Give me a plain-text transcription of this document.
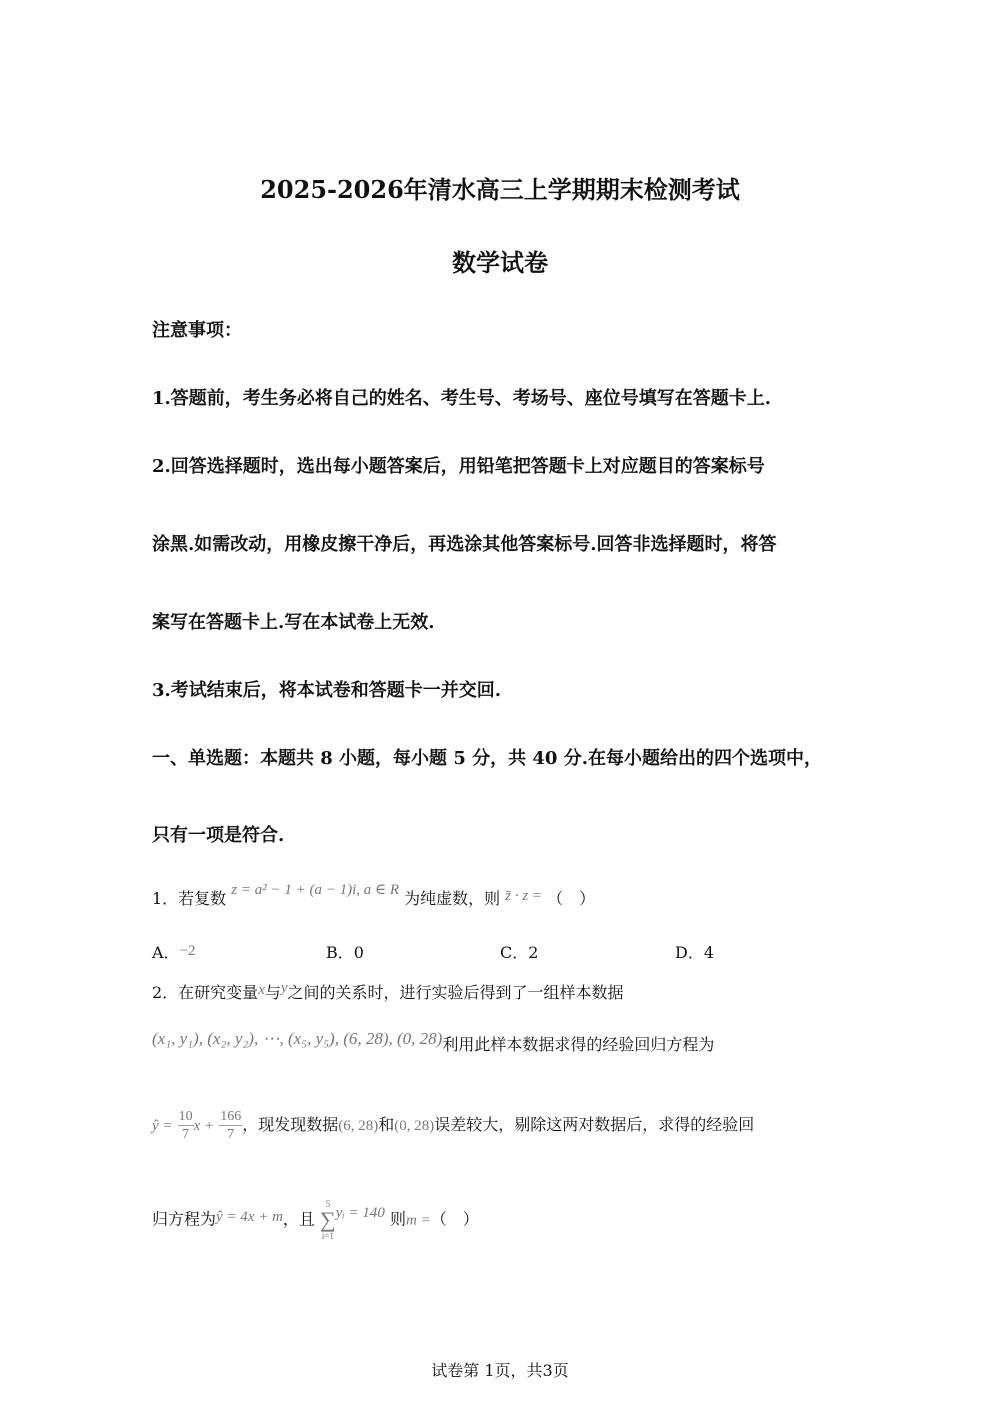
2025-2026年清水高三上学期期末检测考试
数学试卷
注意事项：
1.答题前，考生务必将自己的姓名、考生号、考场号、座位号填写在答题卡上.
2.回答选择题时，选出每小题答案后，用铅笔把答题卡上对应题目的答案标号
涂黑.如需改动，用橡皮擦干净后，再选涂其他答案标号.回答非选择题时，将答
案写在答题卡上.写在本试卷上无效.
3.考试结束后，将本试卷和答题卡一并交回.
一、单选题：本题共 8 小题，每小题 5 分，共 40 分.在每小题给出的四个选项中，
只有一项是符合.
1．若复数 z = a² − 1 + (a − 1)i, a ∈ R 为纯虚数，则 z̄ · z = （　）
A．−2	B．0	C．2	D．4
2．在研究变量x与y之间的关系时，进行实验后得到了一组样本数据
(x₁, y₁), (x₂, y₂), ⋯, (x₅, y₅), (6, 28), (0, 28)利用此样本数据求得的经验回归方程为
ŷ = $\frac{10}{7}$ $x + \frac{166}{7}$ ，现发现数据(6, 28)和(0, 28)误差较大，剔除这两对数据后，求得的经验回
归方程为ŷ = 4x + m，且
5
∑
i=1
yᵢ = 140 则m =（　）
试卷第 1页，共3页
